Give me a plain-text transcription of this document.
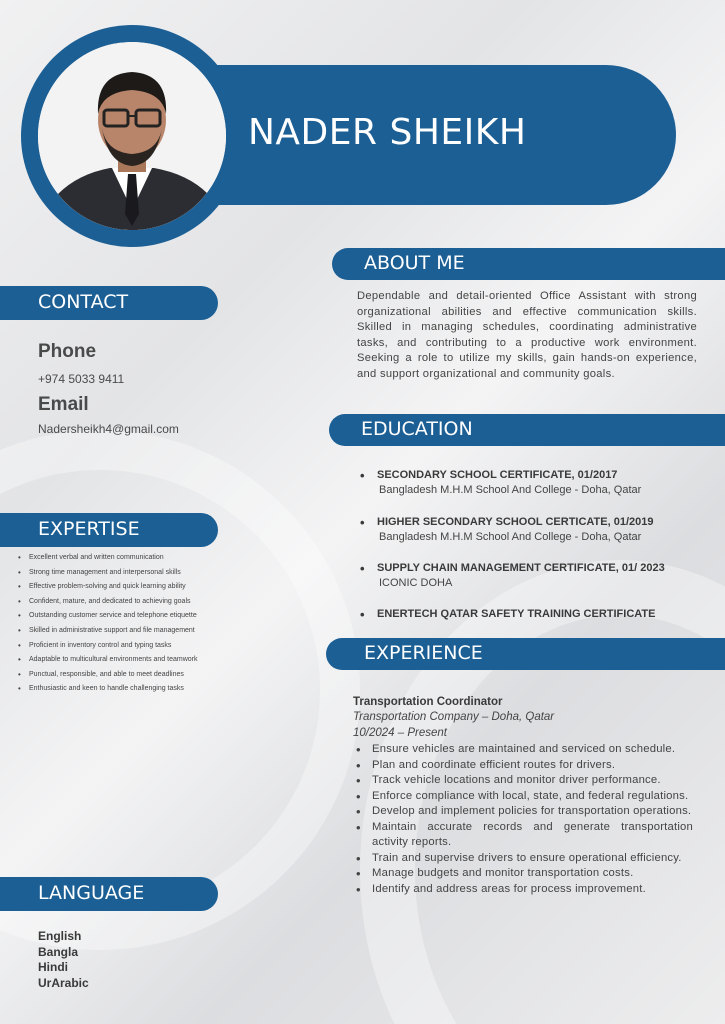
NADER SHEIKH
CONTACT
Phone
+974 5033 9411
Email
Nadersheikh4@gmail.com
EXPERTISE
• Excellent verbal and written communication
• Strong time management and interpersonal skills
• Effective problem-solving and quick learning ability
• Confident, mature, and dedicated to achieving goals
• Outstanding customer service and telephone etiquette
• Skilled in administrative support and file management
• Proficient in inventory control and typing tasks
• Adaptable to multicultural environments and teamwork
• Punctual, responsible, and able to meet deadlines
• Enthusiastic and keen to handle challenging tasks
LANGUAGE
English
Bangla
Hindi
UrArabic
ABOUT ME
Dependable and detail-oriented Office Assistant with strong organizational abilities and effective communication skills. Skilled in managing schedules, coordinating administrative tasks, and contributing to a productive work environment. Seeking a role to utilize my skills, gain hands-on experience, and support organizational and community goals.
EDUCATION
• SECONDARY SCHOOL CERTIFICATE, 01/2017
Bangladesh M.H.M School And College - Doha, Qatar
• HIGHER SECONDARY SCHOOL CERTICATE, 01/2019
Bangladesh M.H.M School And College - Doha, Qatar
• SUPPLY CHAIN MANAGEMENT CERTIFICATE, 01/ 2023
ICONIC DOHA
• ENERTECH QATAR SAFETY TRAINING CERTIFICATE
EXPERIENCE
Transportation Coordinator
Transportation Company – Doha, Qatar
10/2024 – Present
• Ensure vehicles are maintained and serviced on schedule.
• Plan and coordinate efficient routes for drivers.
• Track vehicle locations and monitor driver performance.
• Enforce compliance with local, state, and federal regulations.
• Develop and implement policies for transportation operations.
• Maintain accurate records and generate transportation activity reports.
• Train and supervise drivers to ensure operational efficiency.
• Manage budgets and monitor transportation costs.
• Identify and address areas for process improvement.
